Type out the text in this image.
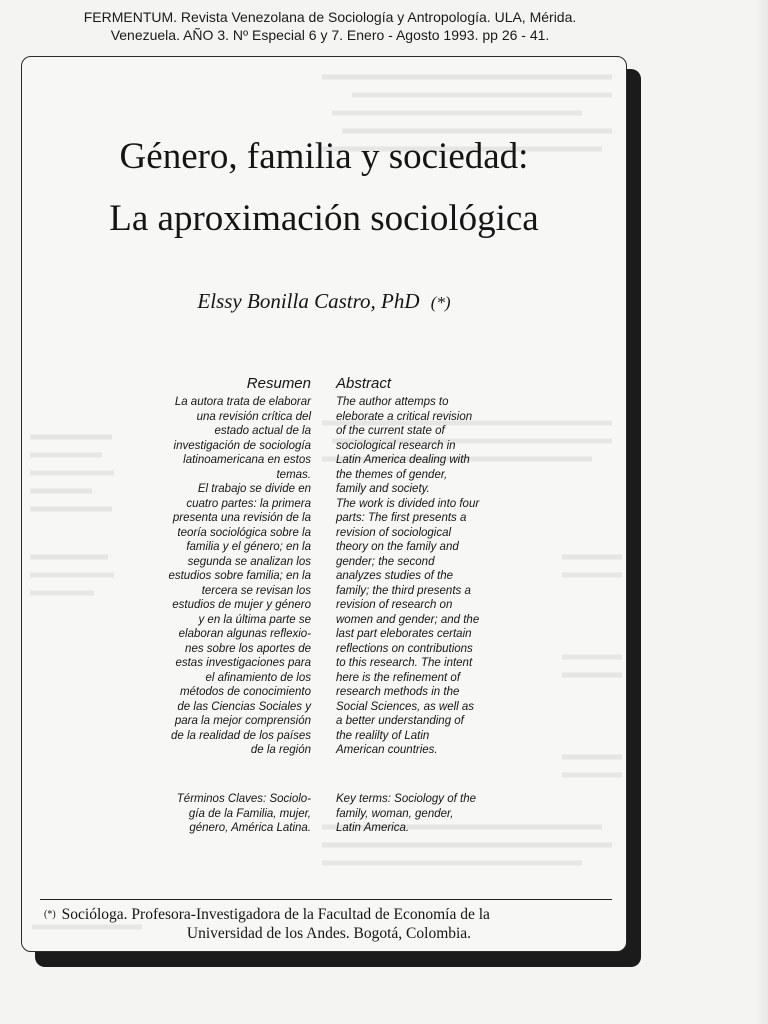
FERMENTUM. Revista Venezolana de Sociología y Antropología. ULA, Mérida.
Venezuela. AÑO 3. Nº Especial 6 y 7. Enero - Agosto 1993. pp 26 - 41.
Género, familia y sociedad:
La aproximación sociológica
Elssy Bonilla Castro, PhD (*)
Resumen Abstract
La autora trata de elaborar
una revisión crítica del
estado actual de la
investigación de sociología
latinoamericana en estos
temas.
El trabajo se divide en
cuatro partes: la primera
presenta una revisión de la
teoría sociológica sobre la
familia y el género; en la
segunda se analizan los
estudios sobre familia; en la
tercera se revisan los
estudios de mujer y género
y en la última parte se
elaboran algunas reflexio-
nes sobre los aportes de
estas investigaciones para
el afinamiento de los
métodos de conocimiento
de las Ciencias Sociales y
para la mejor comprensión
de la realidad de los países
de la región
The author attemps to
eleborate a critical revision
of the current state of
sociological research in
Latin America dealing with
the themes of gender,
family and society.
The work is divided into four
parts: The first presents a
revision of sociological
theory on the family and
gender; the second
analyzes studies of the
family; the third presents a
revision of research on
women and gender; and the
last part eleborates certain
reflections on contributions
to this research. The intent
here is the refinement of
research methods in the
Social Sciences, as well as
a better understanding of
the realilty of Latin
American countries.
Términos Claves: Sociolo-
gía de la Familia, mujer,
género, América Latina.
Key terms: Sociology of the
family, woman, gender,
Latin America.
(*) Socióloga. Profesora-Investigadora de la Facultad de Economía de la
Universidad de los Andes. Bogotá, Colombia.
